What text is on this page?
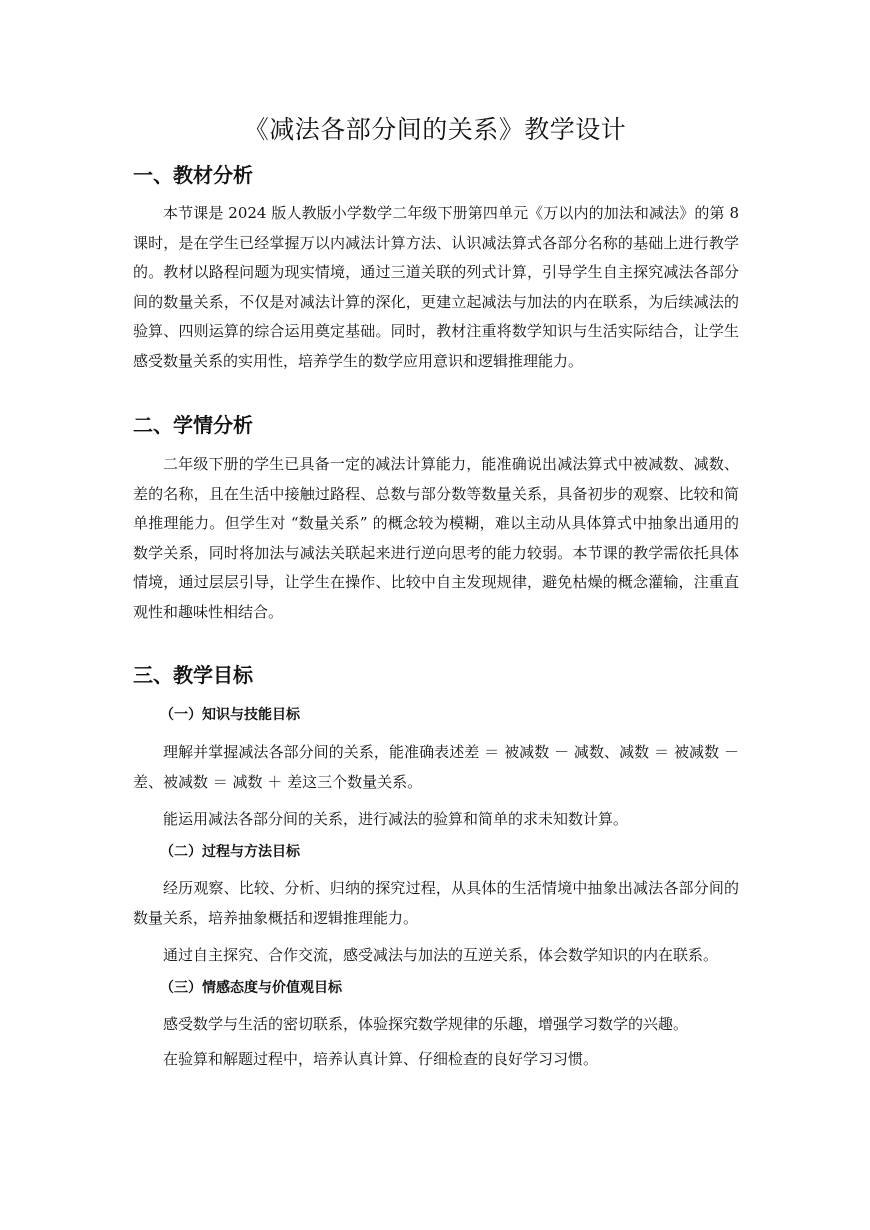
《减法各部分间的关系》教学设计
一、教材分析

本节课是 2024 版人教版小学数学二年级下册第四单元《万以内的加法和减法》的第 8 课时，是在学生已经掌握万以内减法计算方法、认识减法算式各部分名称的基础上进行教学的。教材以路程问题为现实情境，通过三道关联的列式计算，引导学生自主探究减法各部分间的数量关系，不仅是对减法计算的深化，更建立起减法与加法的内在联系，为后续减法的验算、四则运算的综合运用奠定基础。同时，教材注重将数学知识与生活实际结合，让学生感受数量关系的实用性，培养学生的数学应用意识和逻辑推理能力。

二、学情分析

二年级下册的学生已具备一定的减法计算能力，能准确说出减法算式中被减数、减数、差的名称，且在生活中接触过路程、总数与部分数等数量关系，具备初步的观察、比较和简单推理能力。但学生对 “数量关系” 的概念较为模糊，难以主动从具体算式中抽象出通用的数学关系，同时将加法与减法关联起来进行逆向思考的能力较弱。本节课的教学需依托具体情境，通过层层引导，让学生在操作、比较中自主发现规律，避免枯燥的概念灌输，注重直观性和趣味性相结合。

三、教学目标
（一）知识与技能目标

理解并掌握减法各部分间的关系，能准确表述差 ＝ 被减数 － 减数、减数 ＝ 被减数 － 差、被减数 ＝ 减数 ＋ 差这三个数量关系。

能运用减法各部分间的关系，进行减法的验算和简单的求未知数计算。

（二）过程与方法目标

经历观察、比较、分析、归纳的探究过程，从具体的生活情境中抽象出减法各部分间的数量关系，培养抽象概括和逻辑推理能力。

通过自主探究、合作交流，感受减法与加法的互逆关系，体会数学知识的内在联系。

（三）情感态度与价值观目标

感受数学与生活的密切联系，体验探究数学规律的乐趣，增强学习数学的兴趣。

在验算和解题过程中，培养认真计算、仔细检查的良好学习习惯。
